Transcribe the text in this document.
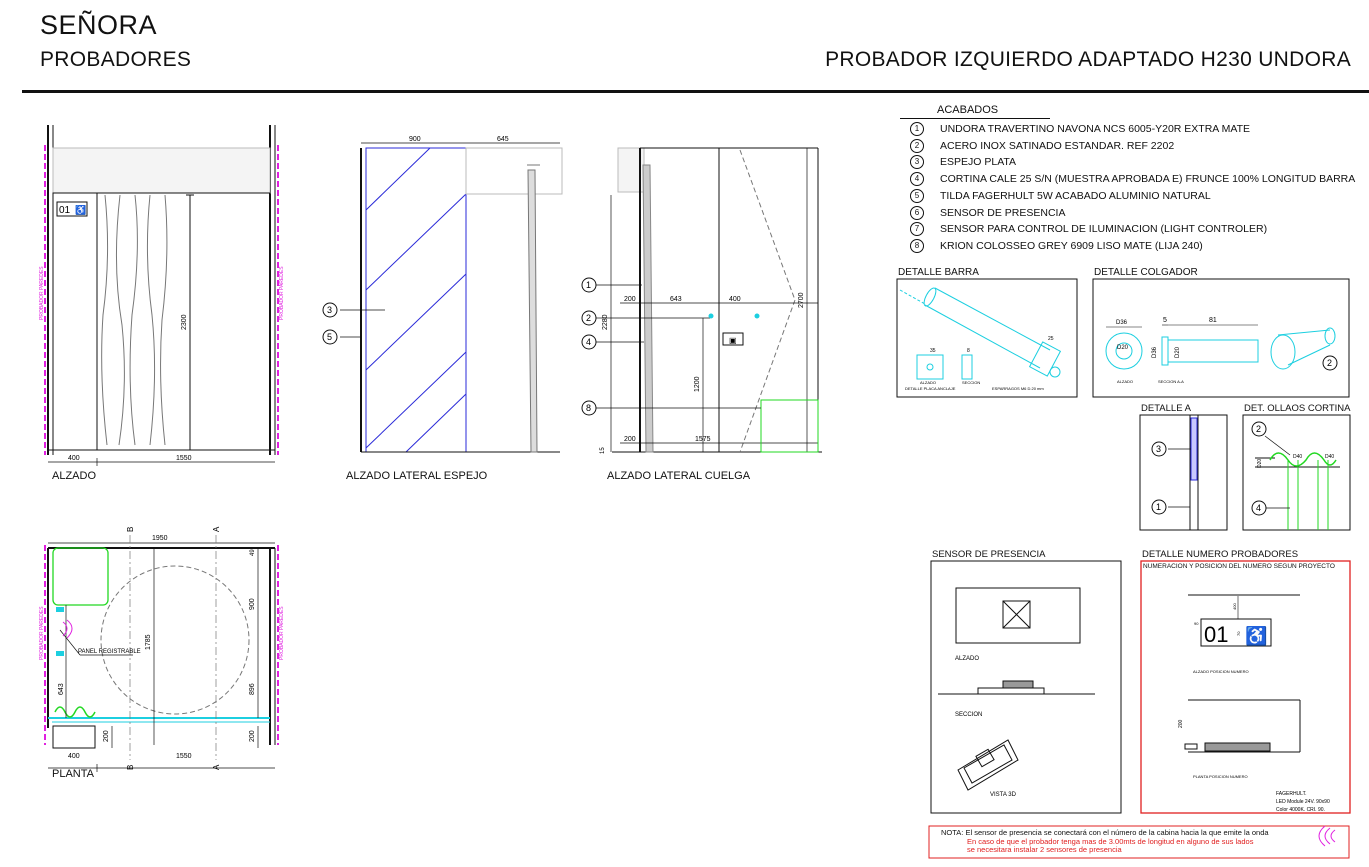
SEÑORA
PROBADORES	PROBADOR IZQUIERDO ADAPTADO H230 UNDORA
ACABADOS
1	UNDORA TRAVERTINO NAVONA NCS 6005-Y20R EXTRA MATE
2	ACERO INOX SATINADO ESTANDAR. REF 2202
3	ESPEJO PLATA
4	CORTINA CALE 25 S/N (MUESTRA APROBADA E) FRUNCE 100% LONGITUD BARRA
5	TILDA FAGERHULT 5W ACABADO ALUMINIO NATURAL
6	SENSOR DE PRESENCIA
7	SENSOR PARA CONTROL DE ILUMINACION (LIGHT CONTROLER)
8	KRION COLOSSEO GREY 6909 LISO MATE (LIJA 240)
01 ♿
2300
400	1550
PROBADOR PAREDES	PROBADOR PAREDES
900	645
3
5	▣
200	643	400	2700
2280
1200
200	1575
15
1
2
4
8
1950
1785
900
896
643
200	200
400	1550
49
PANEL REGISTRABLE
B	A
B	A
PROBADOR PAREDES	PROBADOR PAREDES
35	8
ALZADO	SECCION
DETALLE PLACA ANCLAJE	ESPARRAGOS M6 D.20 mm
25
D36
D20	D36	D20
5	81
ALZADO	SECCION A-A
2
3
1
2
4
D20
D40	D40
ALZADO
SECCION
VISTA 3D
01 ♿
ALZADO POSICION NUMERO
PLANTA POSICION NUMERO
FAGERHULT.
LED Module 24V. 90x90
Color 4000K. CRI. 90.
400
90
70
200
DETALLE BARRA	DETALLE COLGADOR
DETALLE A	DET. OLLAOS CORTINA
SENSOR DE PRESENCIA	DETALLE NUMERO PROBADORES
NUMERACION Y POSICION DEL NUMERO SEGUN PROYECTO
ALZADO	ALZADO LATERAL ESPEJO	ALZADO LATERAL CUELGA
PLANTA
NOTA: El sensor de presencia se conectará con el número de la cabina hacia la que emite la onda
En caso de que el probador tenga mas de 3.00mts de longitud en alguno de sus lados
se necesitara instalar 2 sensores de presencia
